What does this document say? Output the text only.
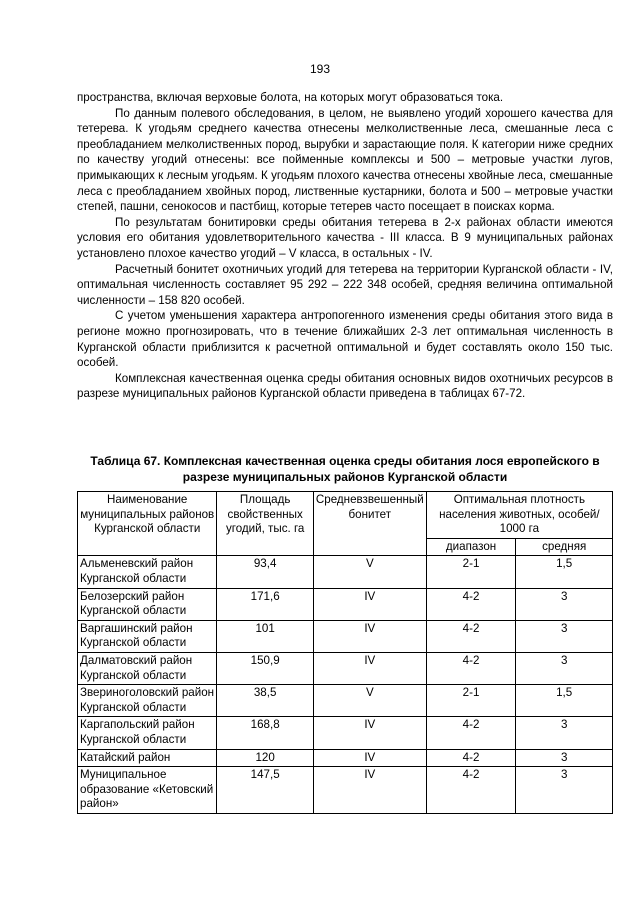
193

пространства, включая верховые болота, на которых могут образоваться тока.

По данным полевого обследования, в целом, не выявлено угодий хорошего качества для тетерева. К угодьям среднего качества отнесены мелколиственные леса, смешанные леса с преобладанием мелколиственных пород, вырубки и зарастающие поля. К категории ниже средних по качеству угодий отнесены: все пойменные комплексы и 500 – метровые участки лугов, примыкающих к лесным угодьям. К угодьям плохого качества отнесены хвойные леса, смешанные леса с преобладанием хвойных пород, лиственные кустарники, болота и 500 – метровые участки степей, пашни, сенокосов и пастбищ, которые тетерев часто посещает в поисках корма.

По результатам бонитировки среды обитания тетерева в 2-х районах области имеются условия его обитания удовлетворительного качества - III класса. В 9 муниципальных районах установлено плохое качество угодий – V класса, в остальных - IV.

Расчетный бонитет охотничьих угодий для тетерева на территории Курганской области - IV, оптимальная численность составляет 95 292 – 222 348 особей, средняя величина оптимальной численности – 158 820 особей.

С учетом уменьшения характера антропогенного изменения среды обитания этого вида в регионе можно прогнозировать, что в течение ближайших 2-3 лет оптимальная численность в Курганской области приблизится к расчетной оптимальной и будет составлять около 150 тыс. особей.

Комплексная качественная оценка среды обитания основных видов охотничьих ресурсов в разрезе муниципальных районов Курганской области приведена в таблицах 67-72.

Таблица 67. Комплексная качественная оценка среды обитания лося европейского в разрезе муниципальных районов Курганской области
Наименование муниципальных районов Курганской области	Площадь свойственных угодий, тыс. га	Средневзвешенный бонитет	Оптимальная плотность населения животных, особей/ 1000 га	
			диапазон	средняя
Альменевский район Курганской области	93,4	V	2-1	1,5
Белозерский район Курганской области	171,6	IV	4-2	3
Варгашинский район Курганской области	101	IV	4-2	3
Далматовский район Курганской области	150,9	IV	4-2	3
Звериноголовский район Курганской области	38,5	V	2-1	1,5
Каргапольский район Курганской области	168,8	IV	4-2	3
Катайский район	120	IV	4-2	3
Муниципальное образование «Кетовский район»	147,5	IV	4-2	3
